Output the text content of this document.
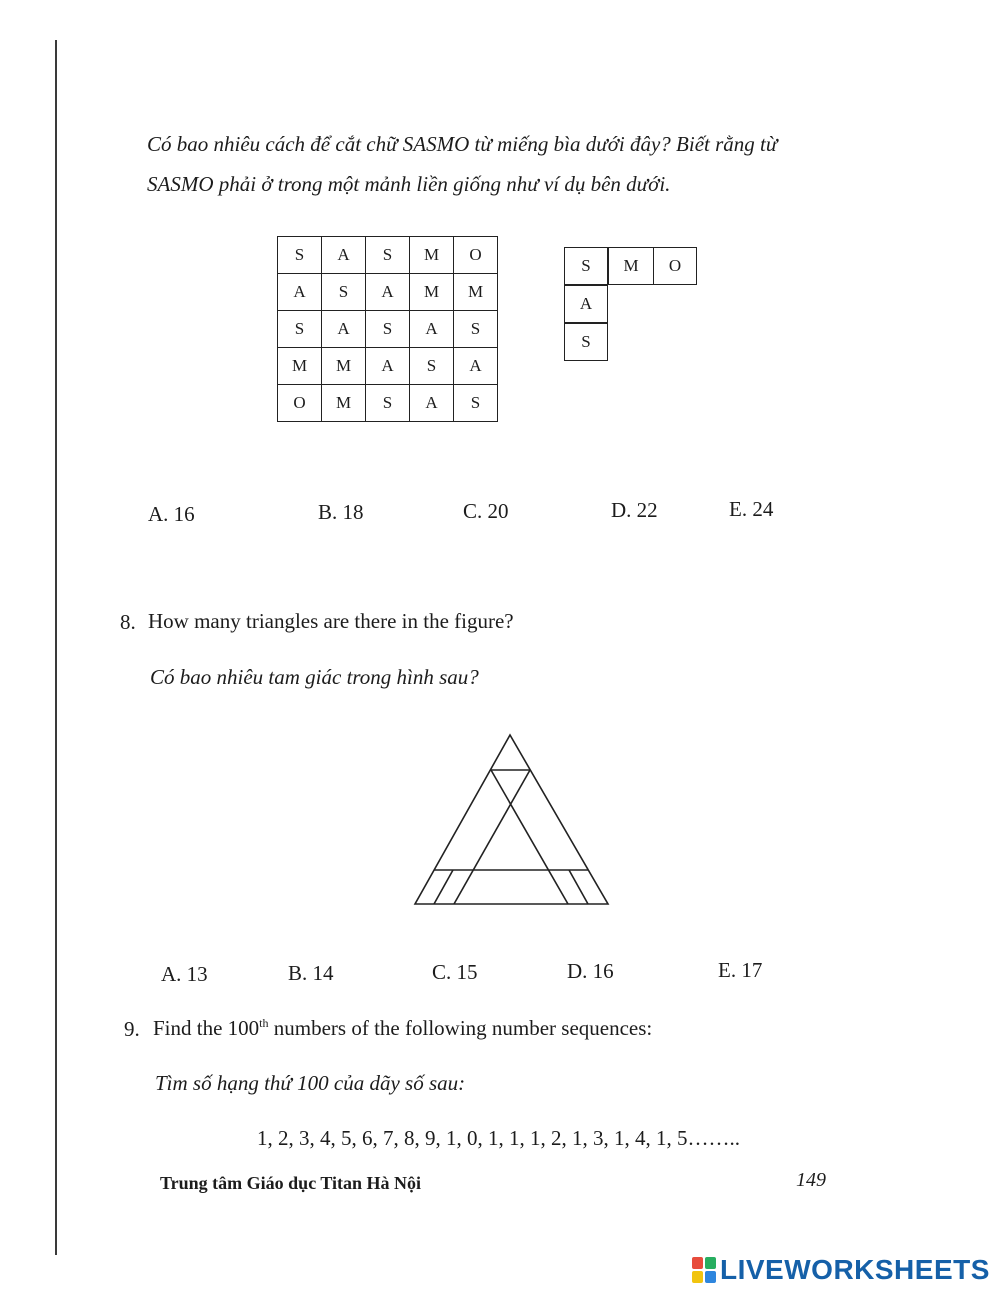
Có bao nhiêu cách để cắt chữ SASMO từ miếng bìa dưới đây? Biết rằng từ
SASMO phải ở trong một mảnh liền giống như ví dụ bên dưới.
S	A	S	M	O
A	S	A	M	M
S	A	S	A	S
M	M	A	S	A
O	M	S	A	S
S	M	O
A
S
A. 16	B. 18	C. 20	D. 22	E. 24
8. How many triangles are there in the figure?
Có bao nhiêu tam giác trong hình sau?
A. 13	B. 14	C. 15	D. 16	E. 17
9. Find the 100th numbers of the following number sequences:
Tìm số hạng thứ 100 của dãy số sau:
1, 2, 3, 4, 5, 6, 7, 8, 9, 1, 0, 1, 1, 1, 2, 1, 3, 1, 4, 1, 5……..
Trung tâm Giáo dục Titan Hà Nội	149
LIVEWORKSHEETS
